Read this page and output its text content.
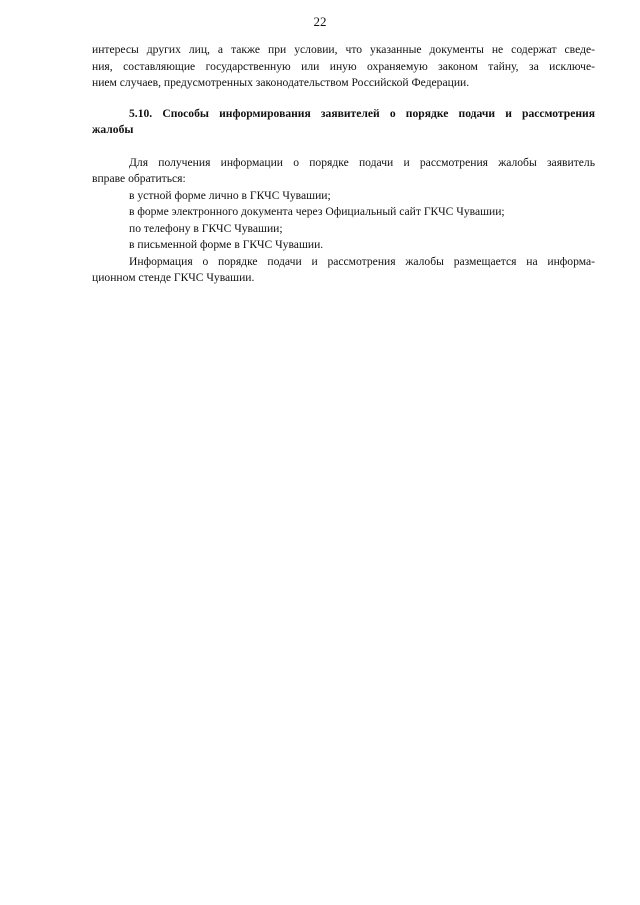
22
интересы других лиц, а также при условии, что указанные документы не содержат сведе-
ния, составляющие государственную или иную охраняемую законом тайну, за исключе-
нием случаев, предусмотренных законодательством Российской Федерации.
5.10. Способы информирования заявителей о порядке подачи и рассмотрения
жалобы
Для получения информации о порядке подачи и рассмотрения жалобы заявитель
вправе обратиться:
в устной форме лично в ГКЧС Чувашии;
в форме электронного документа через Официальный сайт ГКЧС Чувашии;
по телефону в ГКЧС Чувашии;
в письменной форме в ГКЧС Чувашии.
Информация о порядке подачи и рассмотрения жалобы размещается на информа-
ционном стенде ГКЧС Чувашии.
